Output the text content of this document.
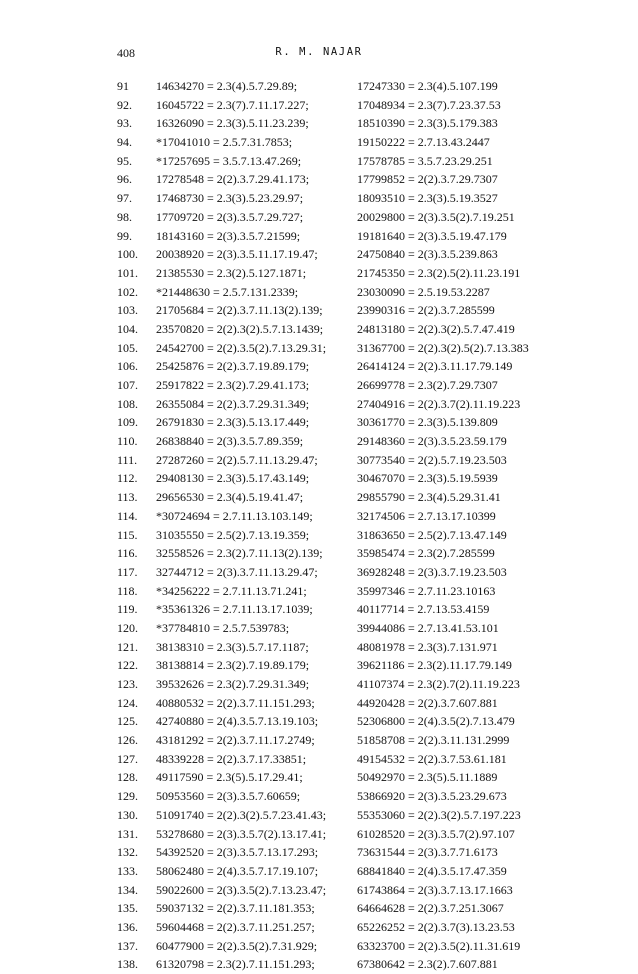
408	R. M. NAJAR
91 14634270 = 2.3(4).5.7.29.89;	17247330 = 2.3(4).5.107.199
92. 16045722 = 2.3(7).7.11.17.227;	17048934 = 2.3(7).7.23.37.53
93. 16326090 = 2.3(3).5.11.23.239;	18510390 = 2.3(3).5.179.383
94. *17041010 = 2.5.7.31.7853;	19150222 = 2.7.13.43.2447
95. *17257695 = 3.5.7.13.47.269;	17578785 = 3.5.7.23.29.251
96. 17278548 = 2(2).3.7.29.41.173;	17799852 = 2(2).3.7.29.7307
97. 17468730 = 2.3(3).5.23.29.97;	18093510 = 2.3(3).5.19.3527
98. 17709720 = 2(3).3.5.7.29.727;	20029800 = 2(3).3.5(2).7.19.251
99. 18143160 = 2(3).3.5.7.21599;	19181640 = 2(3).3.5.19.47.179
100. 20038920 = 2(3).3.5.11.17.19.47;	24750840 = 2(3).3.5.239.863
101. 21385530 = 2.3(2).5.127.1871;	21745350 = 2.3(2).5(2).11.23.191
102. *21448630 = 2.5.7.131.2339;	23030090 = 2.5.19.53.2287
103. 21705684 = 2(2).3.7.11.13(2).139;	23990316 = 2(2).3.7.285599
104. 23570820 = 2(2).3(2).5.7.13.1439;	24813180 = 2(2).3(2).5.7.47.419
105. 24542700 = 2(2).3.5(2).7.13.29.31;	31367700 = 2(2).3(2).5(2).7.13.383
106. 25425876 = 2(2).3.7.19.89.179;	26414124 = 2(2).3.11.17.79.149
107. 25917822 = 2.3(2).7.29.41.173;	26699778 = 2.3(2).7.29.7307
108. 26355084 = 2(2).3.7.29.31.349;	27404916 = 2(2).3.7(2).11.19.223
109. 26791830 = 2.3(3).5.13.17.449;	30361770 = 2.3(3).5.139.809
110. 26838840 = 2(3).3.5.7.89.359;	29148360 = 2(3).3.5.23.59.179
111. 27287260 = 2(2).5.7.11.13.29.47;	30773540 = 2(2).5.7.19.23.503
112. 29408130 = 2.3(3).5.17.43.149;	30467070 = 2.3(3).5.19.5939
113. 29656530 = 2.3(4).5.19.41.47;	29855790 = 2.3(4).5.29.31.41
114. *30724694 = 2.7.11.13.103.149;	32174506 = 2.7.13.17.10399
115. 31035550 = 2.5(2).7.13.19.359;	31863650 = 2.5(2).7.13.47.149
116. 32558526 = 2.3(2).7.11.13(2).139;	35985474 = 2.3(2).7.285599
117. 32744712 = 2(3).3.7.11.13.29.47;	36928248 = 2(3).3.7.19.23.503
118. *34256222 = 2.7.11.13.71.241;	35997346 = 2.7.11.23.10163
119. *35361326 = 2.7.11.13.17.1039;	40117714 = 2.7.13.53.4159
120. *37784810 = 2.5.7.539783;	39944086 = 2.7.13.41.53.101
121. 38138310 = 2.3(3).5.7.17.1187;	48081978 = 2.3(3).7.131.971
122. 38138814 = 2.3(2).7.19.89.179;	39621186 = 2.3(2).11.17.79.149
123. 39532626 = 2.3(2).7.29.31.349;	41107374 = 2.3(2).7(2).11.19.223
124. 40880532 = 2(2).3.7.11.151.293;	44920428 = 2(2).3.7.607.881
125. 42740880 = 2(4).3.5.7.13.19.103;	52306800 = 2(4).3.5(2).7.13.479
126. 43181292 = 2(2).3.7.11.17.2749;	51858708 = 2(2).3.11.131.2999
127. 48339228 = 2(2).3.7.17.33851;	49154532 = 2(2).3.7.53.61.181
128. 49117590 = 2.3(5).5.17.29.41;	50492970 = 2.3(5).5.11.1889
129. 50953560 = 2(3).3.5.7.60659;	53866920 = 2(3).3.5.23.29.673
130. 51091740 = 2(2).3(2).5.7.23.41.43;	55353060 = 2(2).3(2).5.7.197.223
131. 53278680 = 2(3).3.5.7(2).13.17.41;	61028520 = 2(3).3.5.7(2).97.107
132. 54392520 = 2(3).3.5.7.13.17.293;	73631544 = 2(3).3.7.71.6173
133. 58062480 = 2(4).3.5.7.17.19.107;	68841840 = 2(4).3.5.17.47.359
134. 59022600 = 2(3).3.5(2).7.13.23.47;	61743864 = 2(3).3.7.13.17.1663
135. 59037132 = 2(2).3.7.11.181.353;	64664628 = 2(2).3.7.251.3067
136. 59604468 = 2(2).3.7.11.251.257;	65226252 = 2(2).3.7(3).13.23.53
137. 60477900 = 2(2).3.5(2).7.31.929;	63323700 = 2(2).3.5(2).11.31.619
138. 61320798 = 2.3(2).7.11.151.293;	67380642 = 2.3(2).7.607.881
